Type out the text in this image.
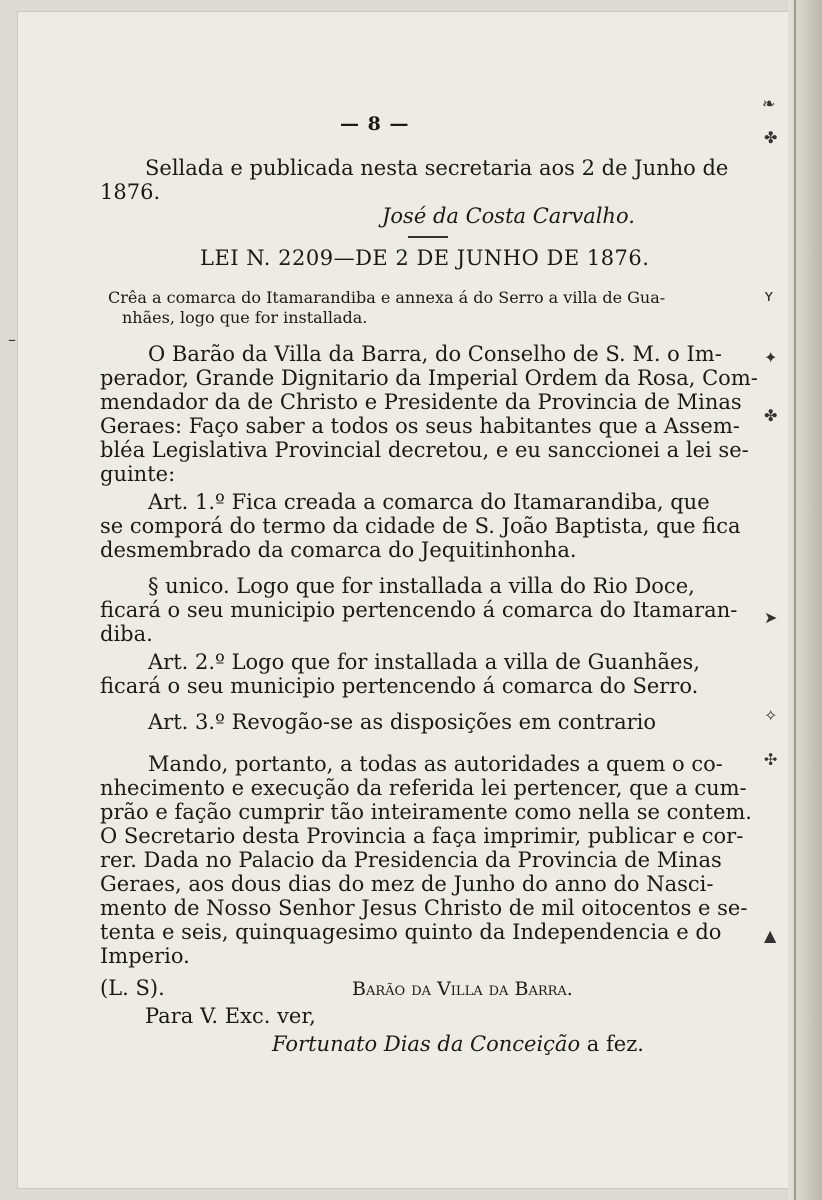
❧
✤
ʏ
✦
✤
➤
✧
✣
▲
–
— 8 —
Sellada e publicada nesta secretaria aos 2 de Junho de
1876.
José da Costa Carvalho.
LEI N. 2209—DE 2 DE JUNHO DE 1876.
Crêa a comarca do Itamarandiba e annexa á do Serro a villa de Gua-
nhães, logo que for installada.
O Barão da Villa da Barra, do Conselho de S. M. o Im-
perador, Grande Dignitario da Imperial Ordem da Rosa, Com-
mendador da de Christo e Presidente da Provincia de Minas
Geraes: Faço saber a todos os seus habitantes que a Assem-
bléa Legislativa Provincial decretou, e eu sanccionei a lei se-
guinte:
Art. 1.º Fica creada a comarca do Itamarandiba, que
se comporá do termo da cidade de S. João Baptista, que fica
desmembrado da comarca do Jequitinhonha.
§ unico. Logo que for installada a villa do Rio Doce,
ficará o seu municipio pertencendo á comarca do Itamaran-
diba.
Art. 2.º Logo que for installada a villa de Guanhães,
ficará o seu municipio pertencendo á comarca do Serro.
Art. 3.º Revogão-se as disposições em contrario
Mando, portanto, a todas as autoridades a quem o co-
nhecimento e execução da referida lei pertencer, que a cum-
prão e fação cumprir tão inteiramente como nella se contem.
O Secretario desta Provincia a faça imprimir, publicar e cor-
rer. Dada no Palacio da Presidencia da Provincia de Minas
Geraes, aos dous dias do mez de Junho do anno do Nasci-
mento de Nosso Senhor Jesus Christo de mil oitocentos e se-
tenta e seis, quinquagesimo quinto da Independencia e do
Imperio.
(L. S).	Barão da Villa da Barra.
Para V. Exc. ver,
Fortunato Dias da Conceição a fez.
